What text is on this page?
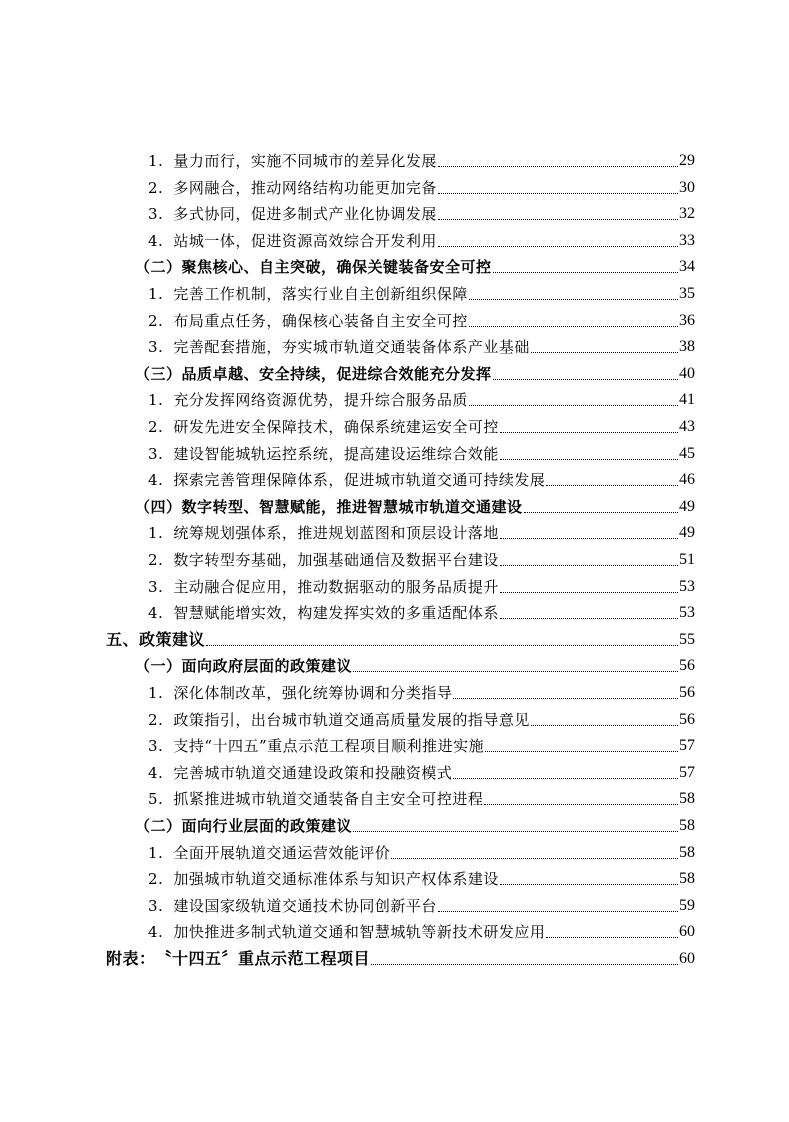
1. 量力而行，实施不同城市的差异化发展	29
2. 多网融合，推动网络结构功能更加完备	30
3. 多式协同，促进多制式产业化协调发展	32
4. 站城一体，促进资源高效综合开发利用	33
（二） 聚焦核心、自主突破，确保关键装备安全可控	34
1. 完善工作机制，落实行业自主创新组织保障	35
2. 布局重点任务，确保核心装备自主安全可控	36
3. 完善配套措施，夯实城市轨道交通装备体系产业基础	38
（三） 品质卓越、安全持续，促进综合效能充分发挥	40
1. 充分发挥网络资源优势，提升综合服务品质	41
2. 研发先进安全保障技术，确保系统建运安全可控	43
3. 建设智能城轨运控系统，提高建设运维综合效能	45
4. 探索完善管理保障体系，促进城市轨道交通可持续发展	46
（四） 数字转型、智慧赋能，推进智慧城市轨道交通建设	49
1. 统筹规划强体系，推进规划蓝图和顶层设计落地	49
2. 数字转型夯基础，加强基础通信及数据平台建设	51
3. 主动融合促应用，推动数据驱动的服务品质提升	53
4. 智慧赋能增实效，构建发挥实效的多重适配体系	53
五、 政策建议	55
（一） 面向政府层面的政策建议	56
1. 深化体制改革，强化统筹协调和分类指导	56
2. 政策指引，出台城市轨道交通高质量发展的指导意见	56
3. 支持“十四五”重点示范工程项目顺利推进实施	57
4. 完善城市轨道交通建设政策和投融资模式	57
5. 抓紧推进城市轨道交通装备自主安全可控进程	58
（二） 面向行业层面的政策建议	58
1. 全面开展轨道交通运营效能评价	58
2. 加强城市轨道交通标准体系与知识产权体系建设	58
3. 建设国家级轨道交通技术协同创新平台	59
4. 加快推进多制式轨道交通和智慧城轨等新技术研发应用	60
附表： 〝十四五〞重点示范工程项目	60
